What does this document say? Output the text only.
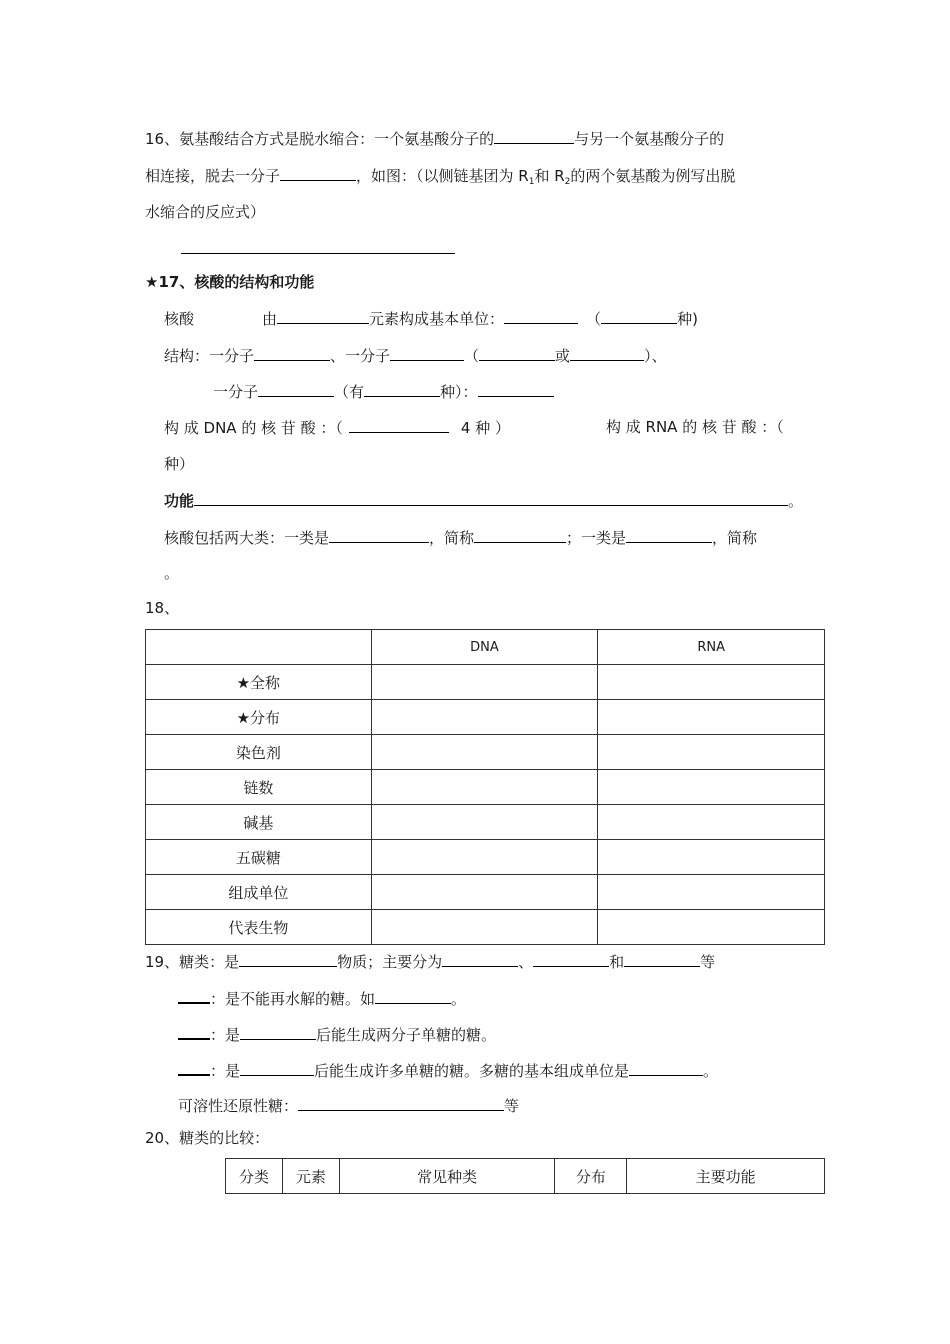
16、氨基酸结合方式是脱水缩合：一个氨基酸分子的	与另一个氨基酸分子的
相连接，脱去一分子	，如图：（以侧链基团为 $R_1$和 $R_2$的两个氨基酸为例写出脱
水缩合的反应式）
★17、核酸的结构和功能
核酸	由	元素构成基本单位：	（	种)
结构：一分子	、一分子	（	或	）、
一分子	（有	种）：
构 成 DNA 的 核 苷 酸 ：（	4 种 ）	构 成 RNA 的 核 苷 酸 ：（
种）
功能	。
核酸包括两大类：一类是	，简称	；一类是	，简称
。
18、
	DNA	RNA
★全称		
★分布		
染色剂		
链数		
碱基		
五碳糖		
组成单位		
代表生物		
19、糖类：是	物质；主要分为	、	和	等
：是不能再水解的糖。如	。
：是	后能生成两分子单糖的糖。
：是	后能生成许多单糖的糖。多糖的基本组成单位是	。
可溶性还原性糖：	等
20、糖类的比较：
分类	元素	常见种类	分布	主要功能
